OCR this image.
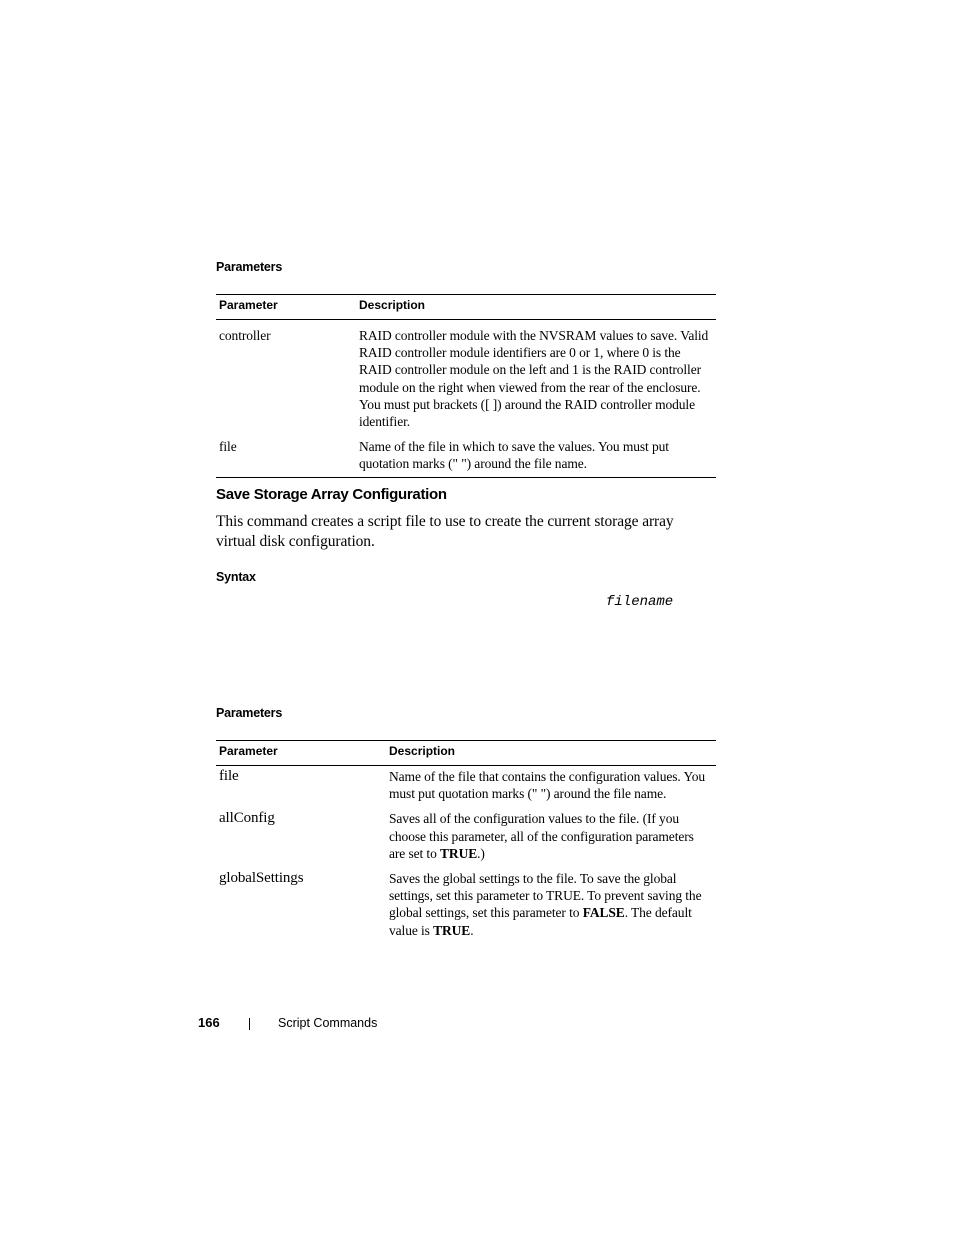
Parameters
Parameter	Description
controller	RAID controller module with the NVSRAM values to save. Valid RAID controller module identifiers are 0 or 1, where 0 is the RAID controller module on the left and 1 is the RAID controller module on the right when viewed from the rear of the enclosure. You must put brackets ([ ]) around the RAID controller module identifier.
file	Name of the file in which to save the values. You must put quotation marks (" ") around the file name.
Save Storage Array Configuration
This command creates a script file to use to create the current storage array virtual disk configuration.
Syntax
filename
Parameters
Parameter	Description
file	Name of the file that contains the configuration values. You must put quotation marks (" ") around the file name.
allConfig	Saves all of the configuration values to the file. (If you choose this parameter, all of the configuration parameters are set to TRUE.)
globalSettings	Saves the global settings to the file. To save the global settings, set this parameter to TRUE. To prevent saving the global settings, set this parameter to FALSE. The default value is TRUE.
166	Script Commands
